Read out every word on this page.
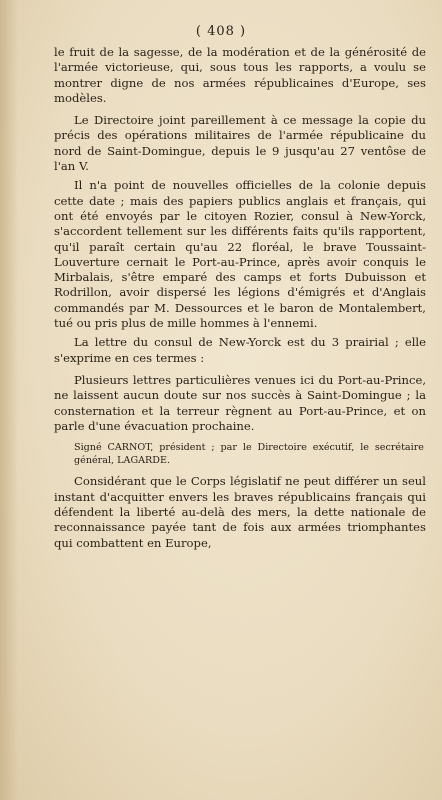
( 408 )

le fruit de la sagesse, de la modération et de la générosité de l'armée victorieuse, qui, sous tous les rapports, a voulu se montrer digne de nos armées républicaines d'Europe, ses modèles.

Le Directoire joint pareillement à ce message la copie du précis des opérations militaires de l'armée républicaine du nord de Saint-Domingue, depuis le 9 jusqu'au 27 ventôse de l'an V.

Il n'a point de nouvelles officielles de la colonie depuis cette date ; mais des papiers publics anglais et français, qui ont été envoyés par le citoyen Rozier, consul à New-Yorck, s'accordent tellement sur les différents faits qu'ils rapportent, qu'il paraît certain qu'au 22 floréal, le brave Toussaint-Louverture cernait le Port-au-Prince, après avoir conquis le Mirbalais, s'être emparé des camps et forts Dubuisson et Rodrillon, avoir dispersé les légions d'émigrés et d'Anglais commandés par M. Dessources et le baron de Montalembert, tué ou pris plus de mille hommes à l'ennemi.

La lettre du consul de New-Yorck est du 3 prairial ; elle s'exprime en ces termes :

Plusieurs lettres particulières venues ici du Port-au-Prince, ne laissent aucun doute sur nos succès à Saint-Domingue ; la consternation et la terreur règnent au Port-au-Prince, et on parle d'une évacuation prochaine.

Signé CARNOT, président ; par le Directoire exécutif, le secrétaire général, LAGARDE.

Considérant que le Corps législatif ne peut différer un seul instant d'acquitter envers les braves républicains français qui défendent la liberté au-delà des mers, la dette nationale de reconnaissance payée tant de fois aux armées triomphantes qui combattent en Europe,
